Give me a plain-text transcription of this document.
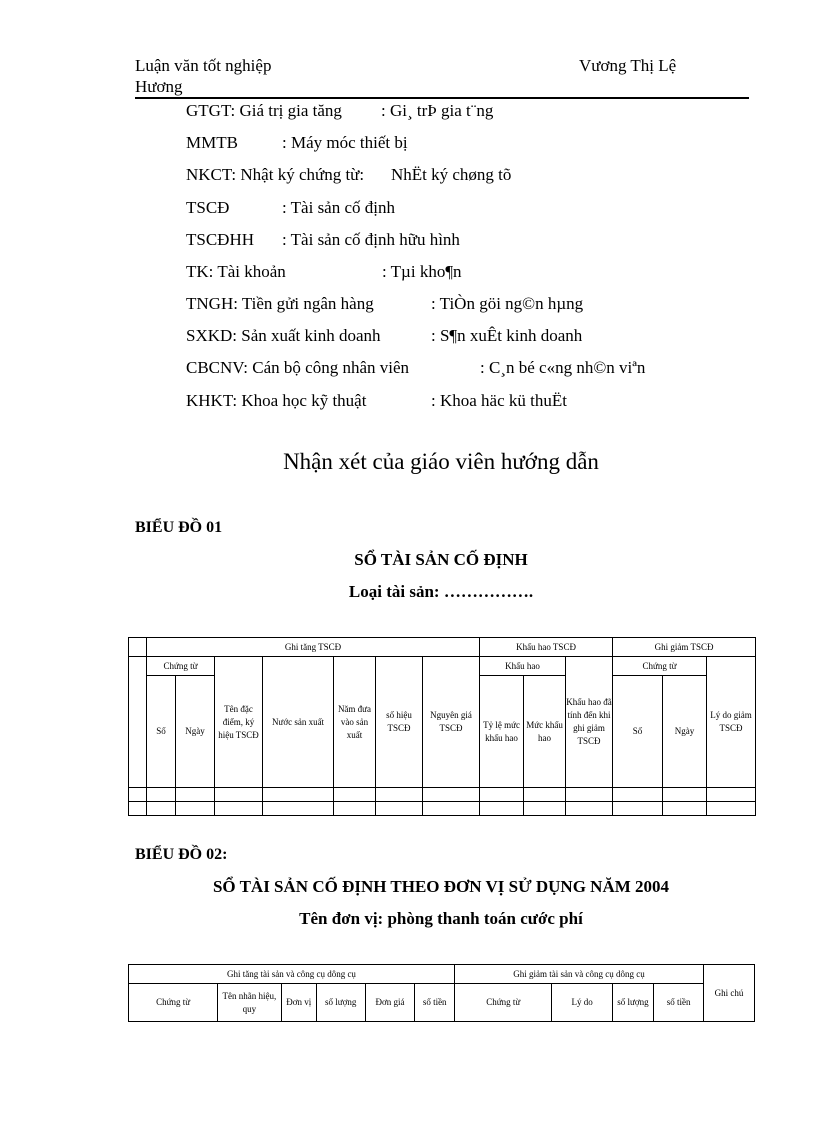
Luận văn tốt nghiệp
Hương
Vương Thị Lệ
GTGT: Giá trị gia tăng : Gi¸ trÞ gia t¨ng
MMTB	: Máy móc thiết bị
NKCT: Nhật ký chứng từ: NhËt ký chøng tõ
TSCĐ	: Tài sản cố định
TSCĐHH : Tài sản cố định hữu hình
TK: Tài khoản	: Tµi kho¶n
TNGH: Tiền gửi ngân hàng	: TiÒn göi ng©n hµng
SXKD: Sản xuất kinh doanh	: S¶n xuÊt kinh doanh
CBCNV: Cán bộ công nhân viên	: C¸n bé c«ng nh©n viªn
KHKT: Khoa học kỹ thuật	: Khoa häc kü thuËt
Nhận xét của giáo viên hướng dẫn
BIỂU ĐỒ 01
SỔ TÀI SẢN CỐ ĐỊNH
Loại tài sản: …………….
	Ghi tăng TSCĐ							Khấu hao TSCĐ			Ghi giảm TSCĐ		
	Chứng từ		Tên đặc điểm, ký hiệu TSCĐ	Nước sản xuất	Năm đưa vào sản xuất	số hiệu TSCĐ	Nguyên giá TSCĐ	Khấu hao		Khấu hao đã tính đến khi ghi giảm TSCĐ	Chứng từ		Lý do giảm TSCĐ
	Số	Ngày						Tỷ lệ mức khấu hao	Mức khấu hao		Số	Ngày	

BIỂU ĐỒ 02:
SỔ TÀI SẢN CỐ ĐỊNH THEO ĐƠN VỊ SỬ DỤNG NĂM 2004
Tên đơn vị: phòng thanh toán cước phí
Ghi tăng tài sản và công cụ dông cụ						Ghi giảm tài sản và công cụ dông cụ				Ghi chú
Chứng từ	Tên nhãn hiệu, quy	Đơn vị	số lượng	Đơn giá	số tiền	Chứng từ	Lý do	số lượng	số tiền	
